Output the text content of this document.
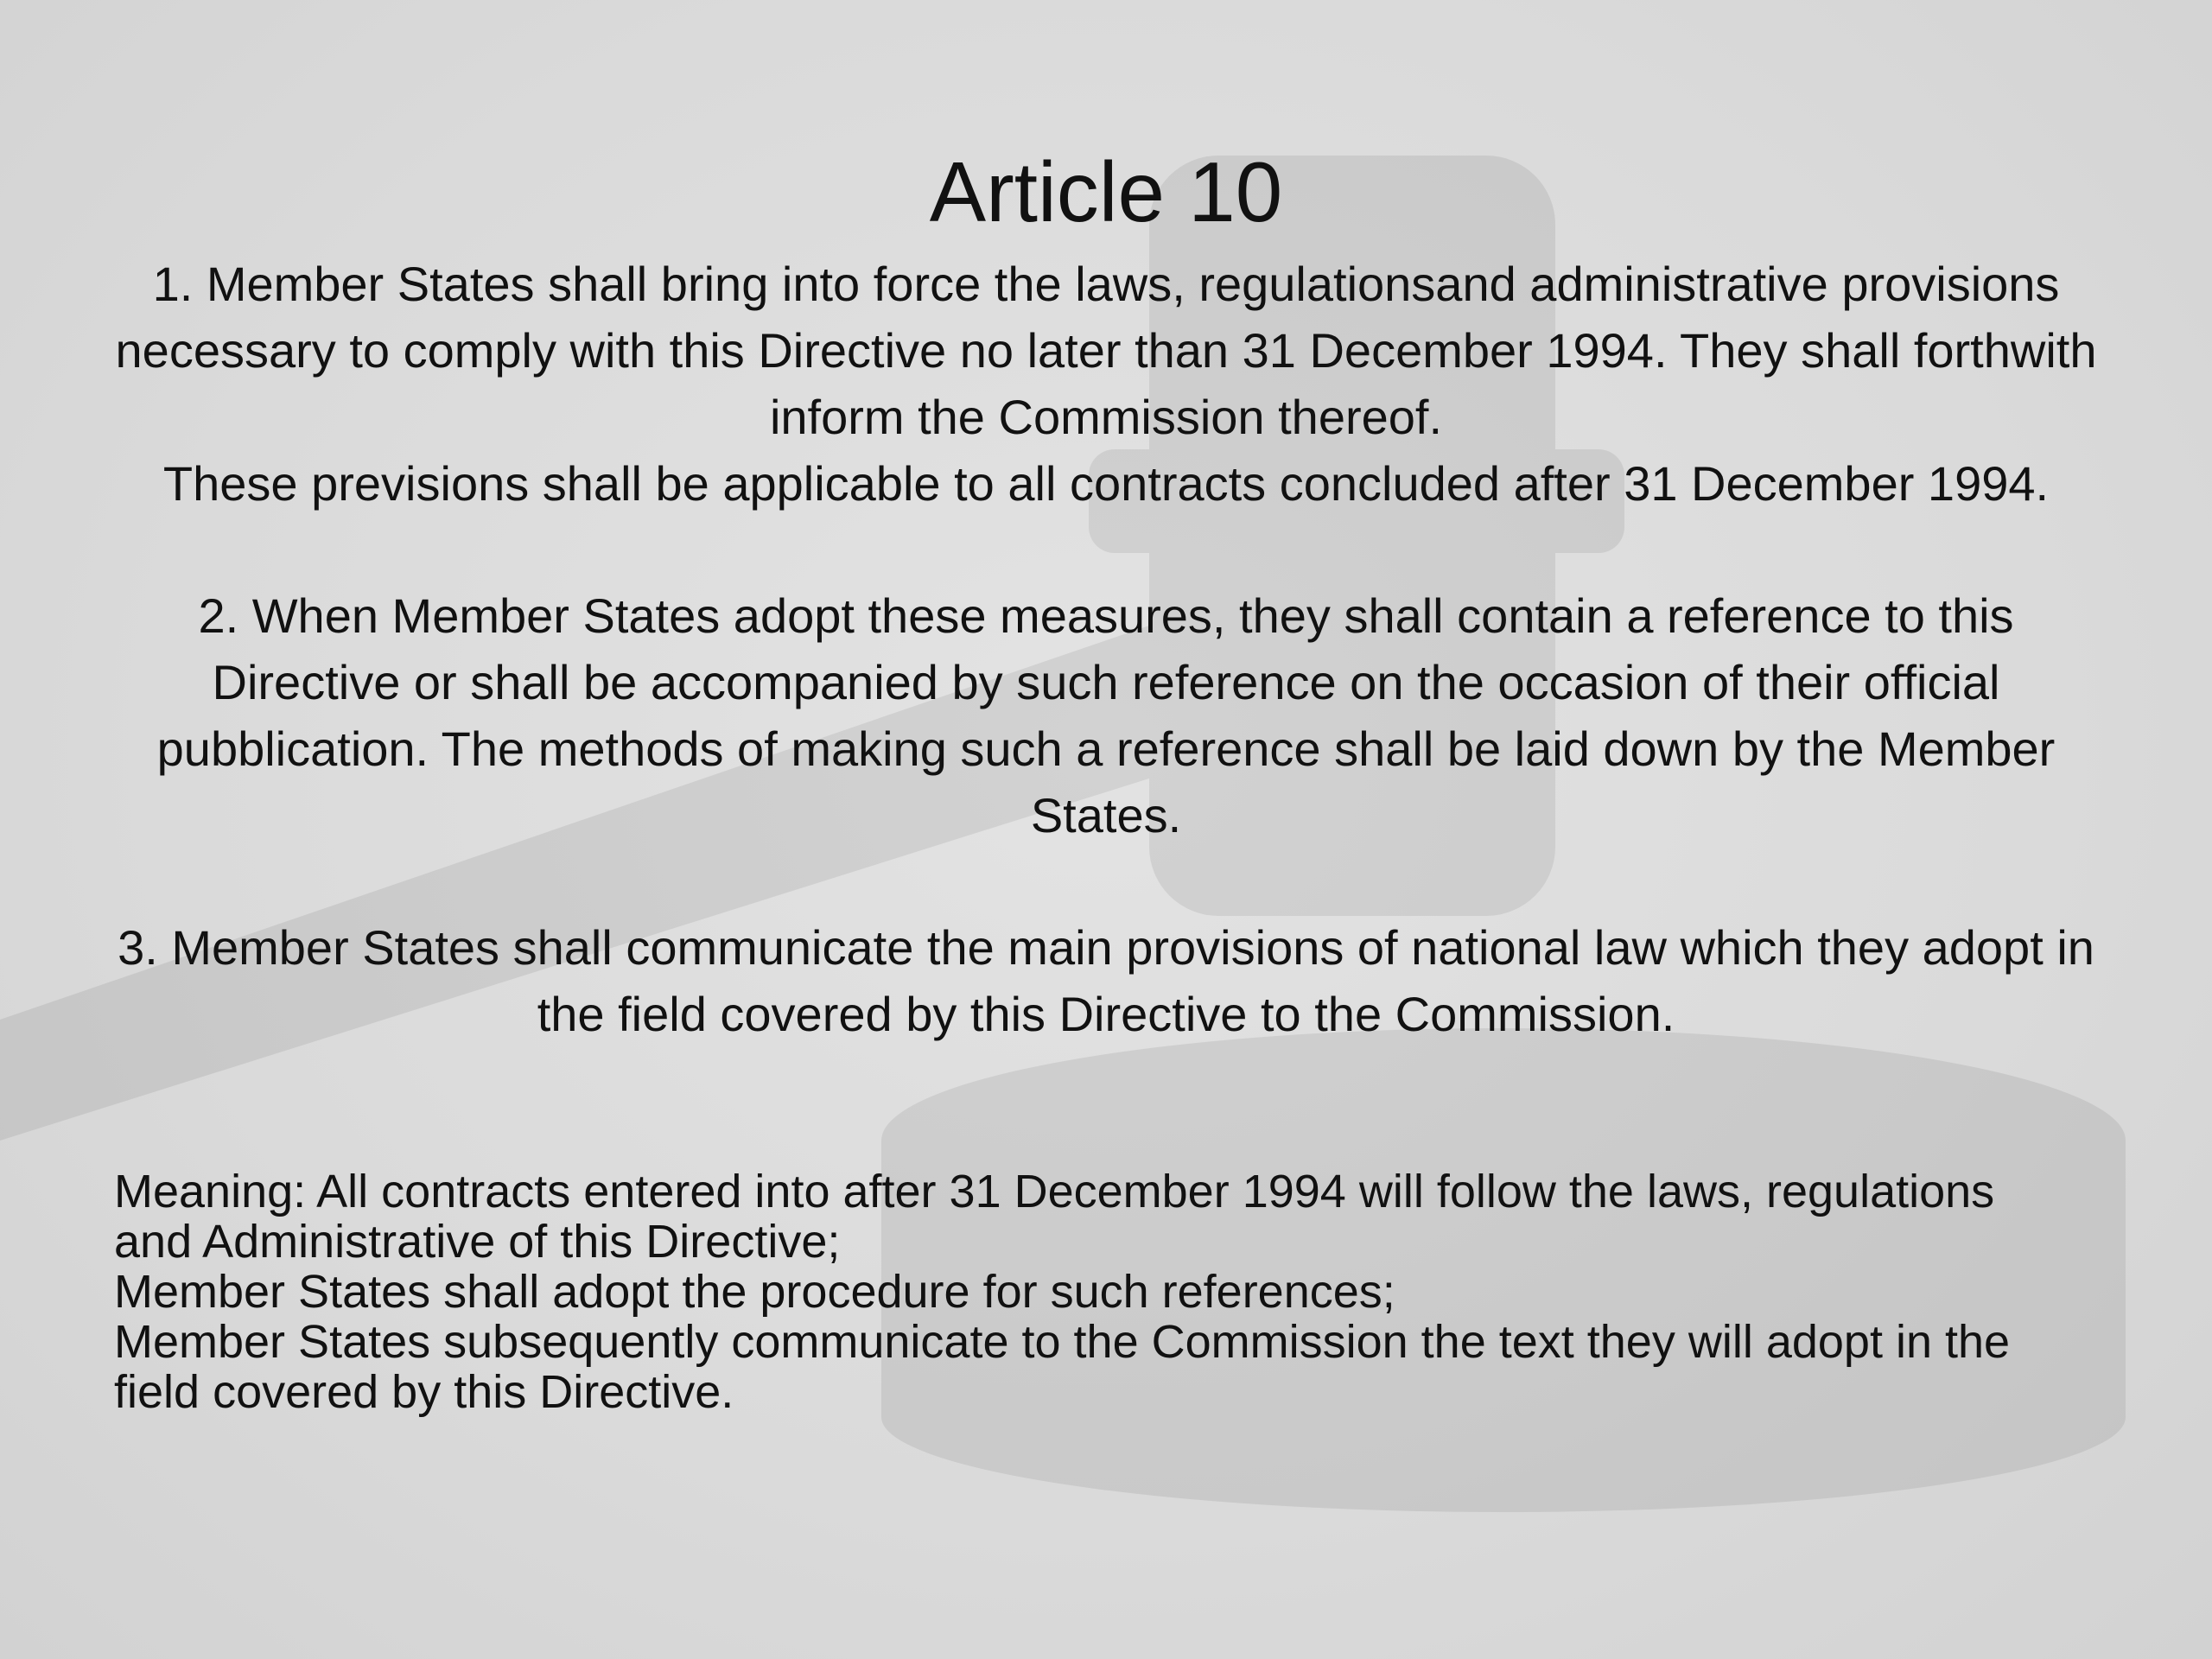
Article 10
1. Member States shall bring into force the laws, regulationsand administrative provisions
necessary to comply with this Directive no later than 31 December 1994. They shall forthwith
inform the Commission thereof.
These previsions shall be applicable to all contracts concluded after 31 December 1994.
2. When Member States adopt these measures, they shall contain a reference to this
Directive or shall be accompanied by such reference on the occasion of their official
pubblication. The methods of making such a reference shall be laid down by the Member
States.
3. Member States shall communicate the main provisions of national law which they adopt in
the field covered by this Directive to the Commission.
Meaning: All contracts entered into after 31 December 1994 will follow the laws, regulations
and Administrative of this Directive;
Member States shall adopt the procedure for such references;
Member States subsequently communicate to the Commission the text they will adopt in the
field covered by this Directive.
